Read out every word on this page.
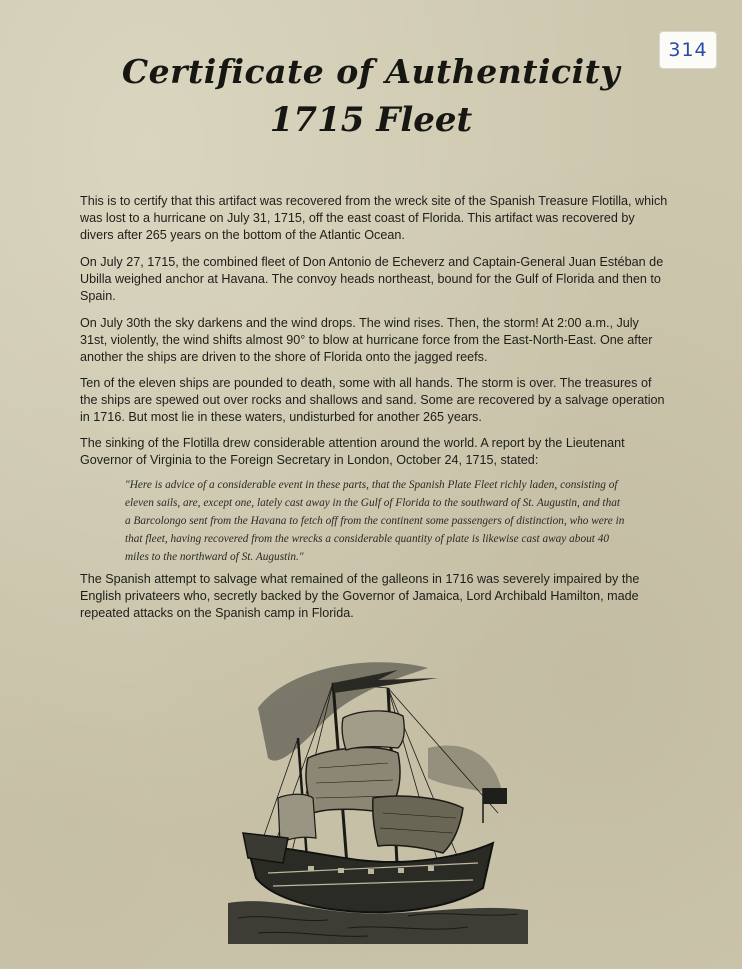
314
Certificate of Authenticity
1715 Fleet

This is to certify that this artifact was recovered from the wreck site of the Spanish Treasure Flotilla, which was lost to a hurricane on July 31, 1715, off the east coast of Florida. This artifact was recovered by divers after 265 years on the bottom of the Atlantic Ocean.

On July 27, 1715, the combined fleet of Don Antonio de Echeverz and Captain-General Juan Estéban de Ubilla weighed anchor at Havana. The convoy heads northeast, bound for the Gulf of Florida and then to Spain.

On July 30th the sky darkens and the wind drops. The wind rises. Then, the storm! At 2:00 a.m., July 31st, violently, the wind shifts almost 90° to blow at hurricane force from the East-North-East. One after another the ships are driven to the shore of Florida onto the jagged reefs.

Ten of the eleven ships are pounded to death, some with all hands. The storm is over. The treasures of the ships are spewed out over rocks and shallows and sand. Some are recovered by a salvage operation in 1716. But most lie in these waters, undisturbed for another 265 years.

The sinking of the Flotilla drew considerable attention around the world. A report by the Lieutenant Governor of Virginia to the Foreign Secretary in London, October 24, 1715, stated:

"Here is advice of a considerable event in these parts, that the Spanish Plate Fleet richly laden, consisting of eleven sails, are, except one, lately cast away in the Gulf of Florida to the southward of St. Augustin, and that a Barcolongo sent from the Havana to fetch off from the continent some passengers of distinction, who were in that fleet, having recovered from the wrecks a considerable quantity of plate is likewise cast away about 40 miles to the northward of St. Augustin."

The Spanish attempt to salvage what remained of the galleons in 1716 was severely impaired by the English privateers who, secretly backed by the Governor of Jamaica, Lord Archibald Hamilton, made repeated attacks on the Spanish camp in Florida.
